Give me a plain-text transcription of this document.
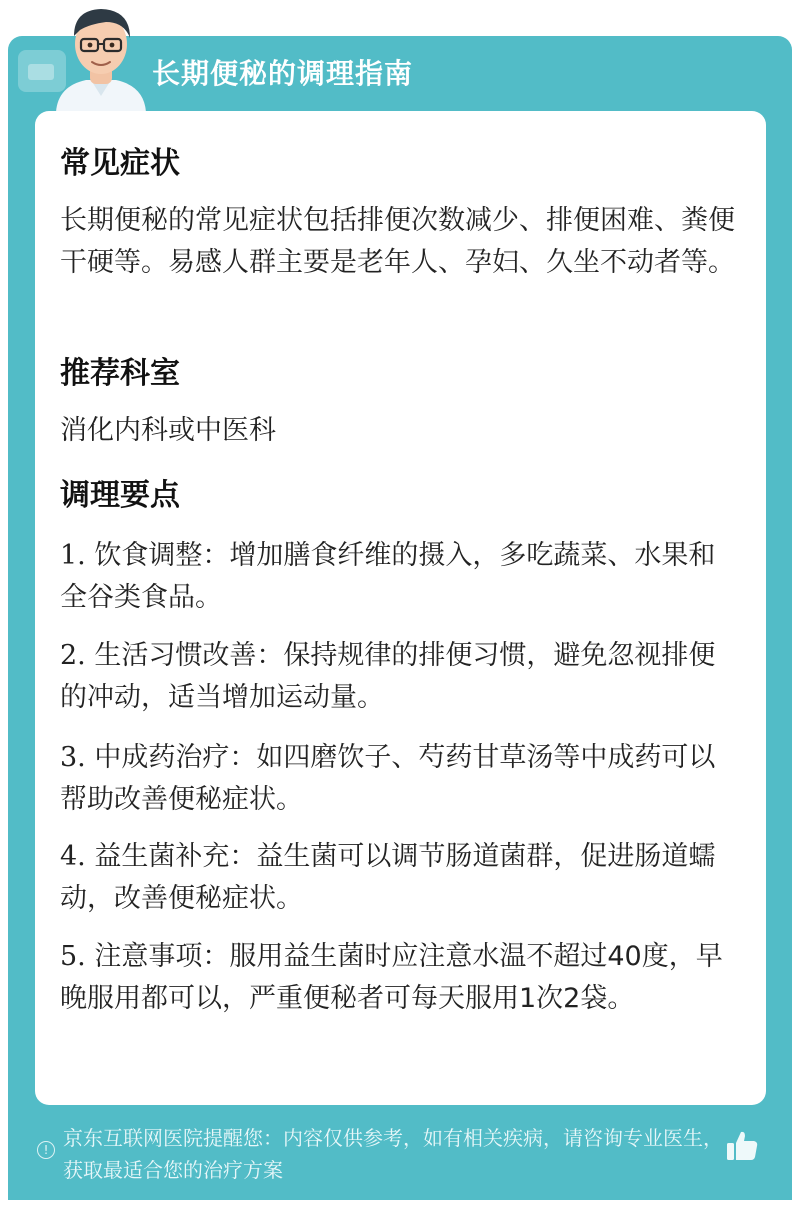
长期便秘的调理指南
常见症状

长期便秘的常见症状包括排便次数减少、排便困难、粪便干硬等。易感人群主要是老年人、孕妇、久坐不动者等。

推荐科室

消化内科或中医科

调理要点

1. 饮食调整：增加膳食纤维的摄入，多吃蔬菜、水果和全谷类食品。

2. 生活习惯改善：保持规律的排便习惯，避免忽视排便的冲动，适当增加运动量。

3. 中成药治疗：如四磨饮子、芍药甘草汤等中成药可以帮助改善便秘症状。

4. 益生菌补充：益生菌可以调节肠道菌群，促进肠道蠕动，改善便秘症状。

5. 注意事项：服用益生菌时应注意水温不超过40度，早晚服用都可以，严重便秘者可每天服用1次2袋。

! 京东互联网医院提醒您：内容仅供参考，如有相关疾病，请咨询专业医生，获取最适合您的治疗方案
